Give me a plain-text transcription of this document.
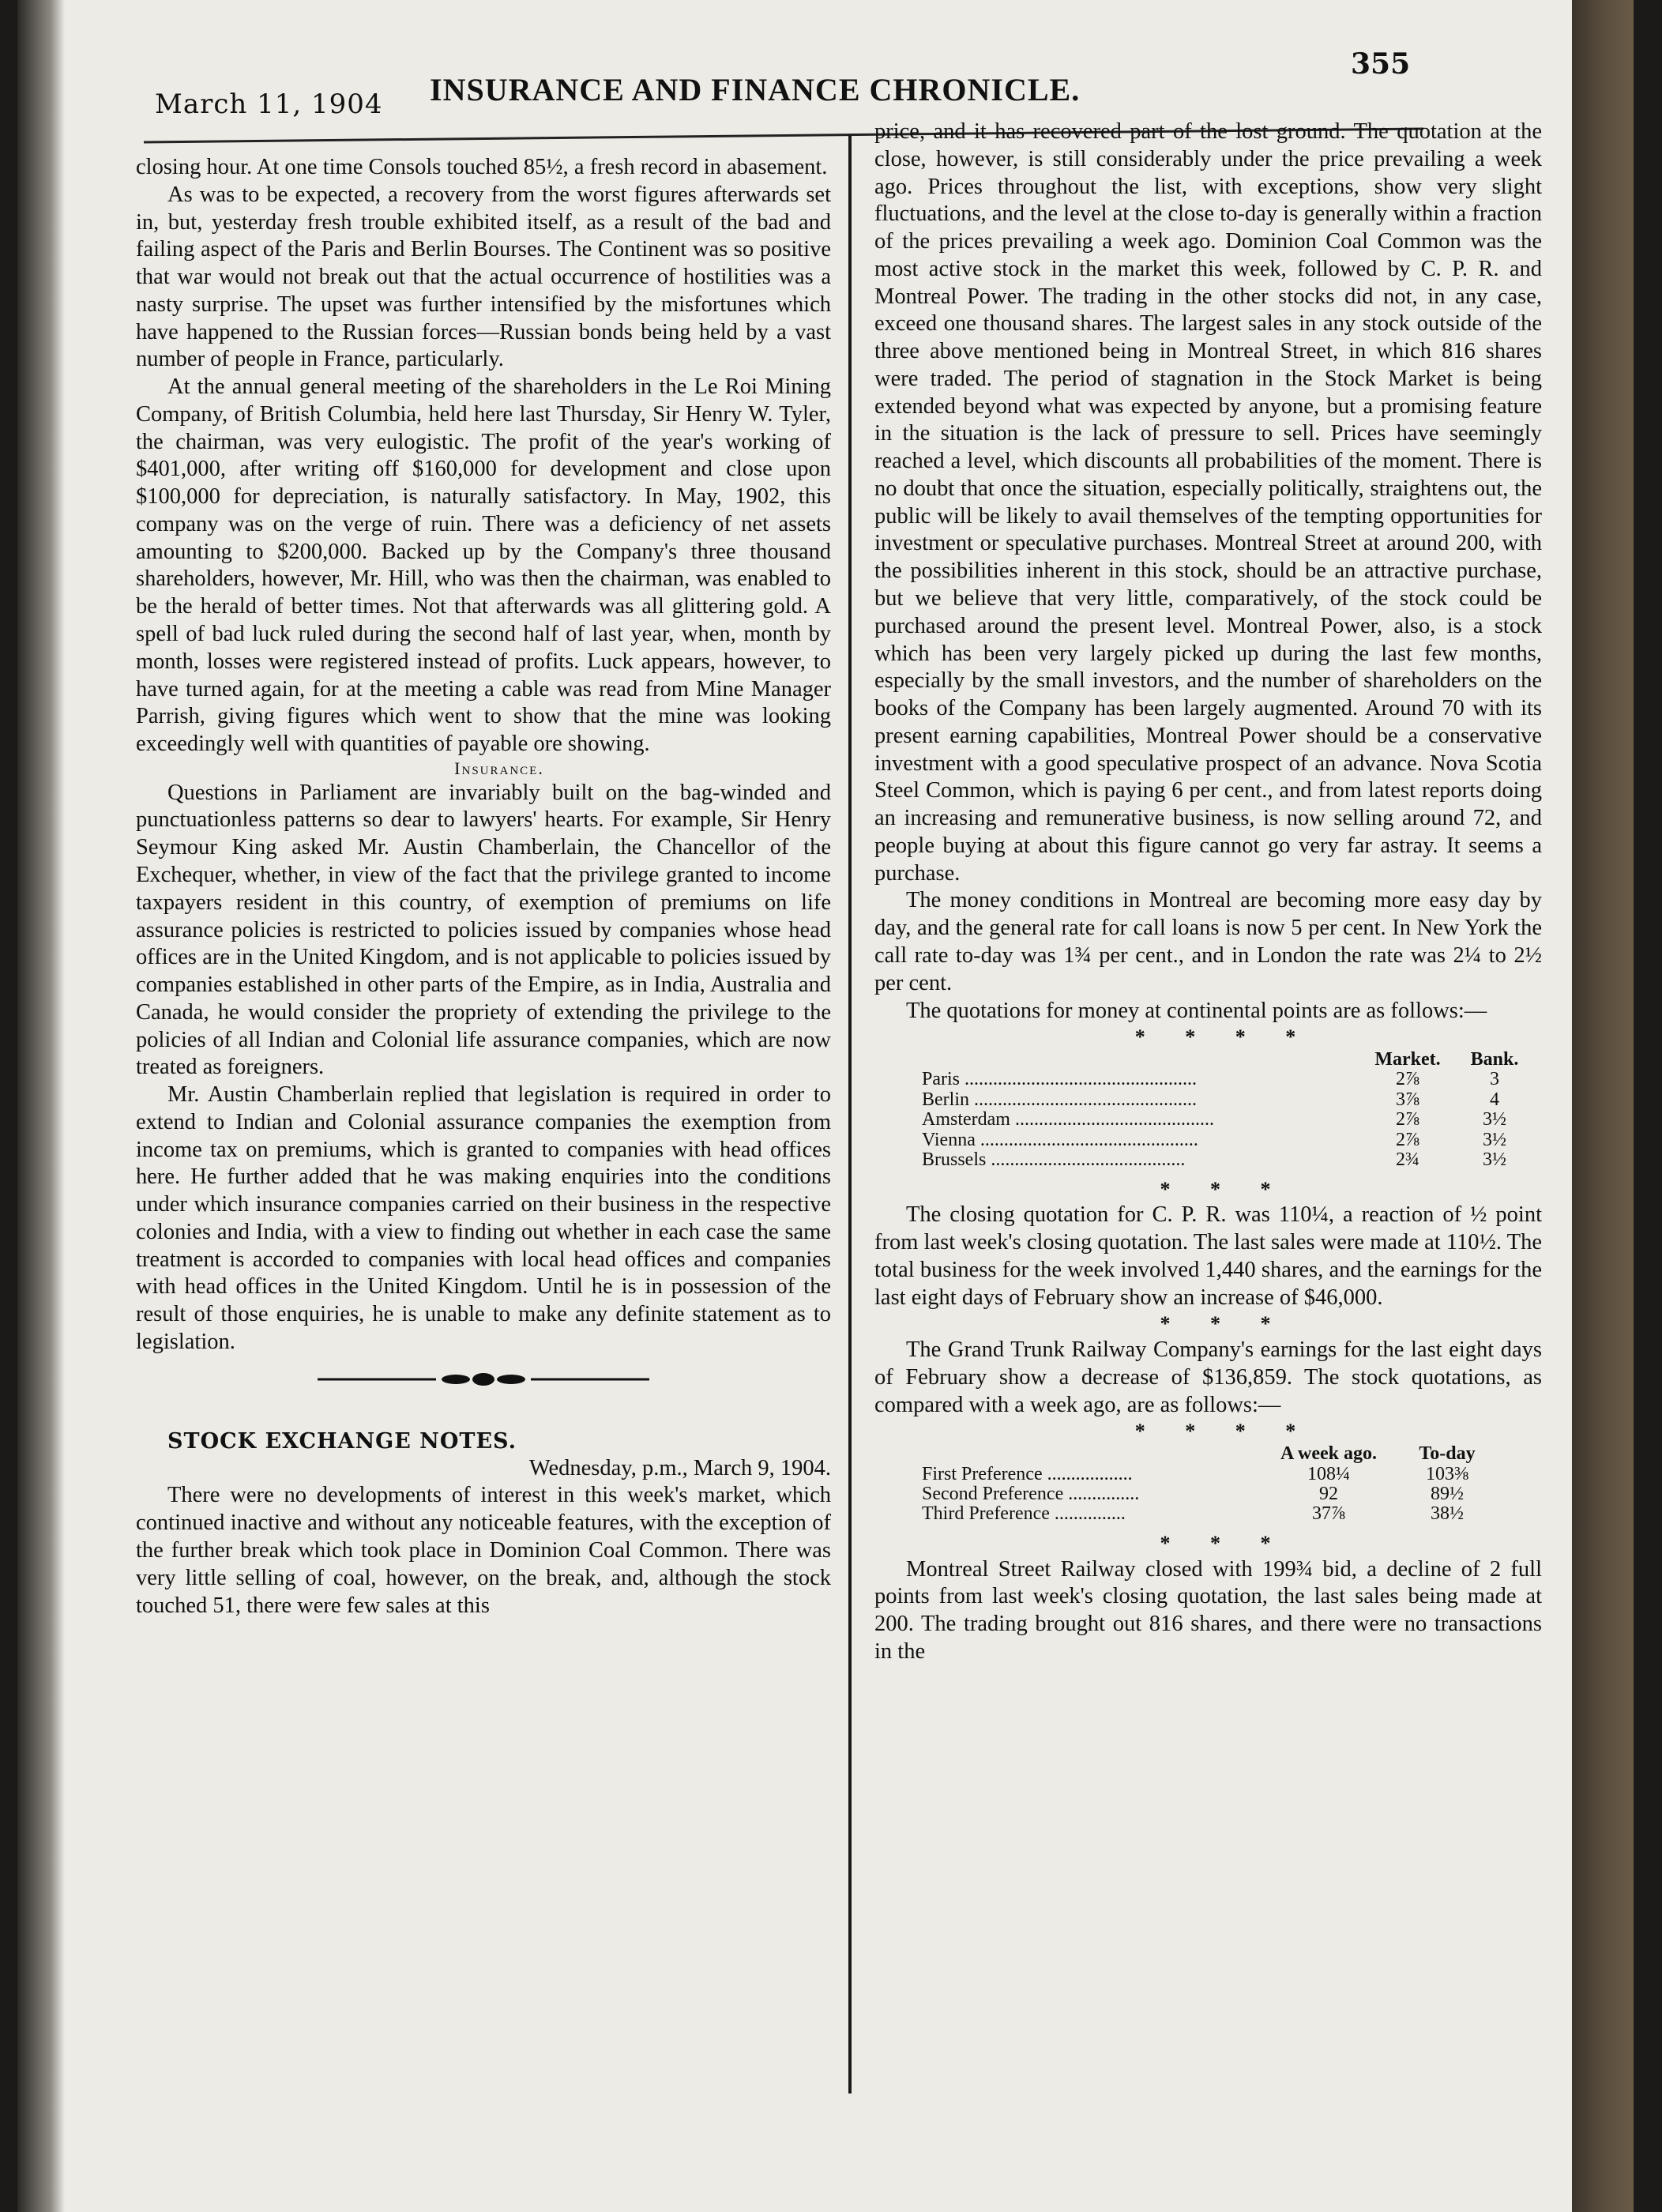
March 11, 1904 INSURANCE AND FINANCE CHRONICLE.
355

closing hour. At one time Consols touched 85½, a fresh record in abasement.

As was to be expected, a recovery from the worst figures afterwards set in, but, yesterday fresh trouble exhibited itself, as a result of the bad and failing aspect of the Paris and Berlin Bourses. The Continent was so positive that war would not break out that the actual occurrence of hostilities was a nasty surprise. The upset was further intensified by the misfortunes which have happened to the Russian forces—Russian bonds being held by a vast number of people in France, particularly.

At the annual general meeting of the shareholders in the Le Roi Mining Company, of British Columbia, held here last Thursday, Sir Henry W. Tyler, the chairman, was very eulogistic. The profit of the year's working of $401,000, after writing off $160,000 for development and close upon $100,000 for depreciation, is naturally satisfactory. In May, 1902, this company was on the verge of ruin. There was a deficiency of net assets amounting to $200,000. Backed up by the Company's three thousand shareholders, however, Mr. Hill, who was then the chairman, was enabled to be the herald of better times. Not that afterwards was all glittering gold. A spell of bad luck ruled during the second half of last year, when, month by month, losses were registered instead of profits. Luck appears, however, to have turned again, for at the meeting a cable was read from Mine Manager Parrish, giving figures which went to show that the mine was looking exceedingly well with quantities of payable ore showing.

Insurance.

Questions in Parliament are invariably built on the bag-winded and punctuationless patterns so dear to lawyers' hearts. For example, Sir Henry Seymour King asked Mr. Austin Chamberlain, the Chancellor of the Exchequer, whether, in view of the fact that the privilege granted to income taxpayers resident in this country, of exemption of premiums on life assurance policies is restricted to policies issued by companies whose head offices are in the United Kingdom, and is not applicable to policies issued by companies established in other parts of the Empire, as in India, Australia and Canada, he would consider the propriety of extending the privilege to the policies of all Indian and Colonial life assurance companies, which are now treated as foreigners.

Mr. Austin Chamberlain replied that legislation is required in order to extend to Indian and Colonial assurance companies the exemption from income tax on premiums, which is granted to companies with head offices here. He further added that he was making enquiries into the conditions under which insurance companies carried on their business in the respective colonies and India, with a view to finding out whether in each case the same treatment is accorded to companies with local head offices and companies with head offices in the United Kingdom. Until he is in possession of the result of those enquiries, he is unable to make any definite statement as to legislation.

STOCK EXCHANGE NOTES.

Wednesday, p.m., March 9, 1904.

There were no developments of interest in this week's market, which continued inactive and without any noticeable features, with the exception of the further break which took place in Dominion Coal Common. There was very little selling of coal, however, on the break, and, although the stock touched 51, there were few sales at this

price, and it has recovered part of the lost ground. The quotation at the close, however, is still considerably under the price prevailing a week ago. Prices throughout the list, with exceptions, show very slight fluctuations, and the level at the close to-day is generally within a fraction of the prices prevailing a week ago. Dominion Coal Common was the most active stock in the market this week, followed by C. P. R. and Montreal Power. The trading in the other stocks did not, in any case, exceed one thousand shares. The largest sales in any stock outside of the three above mentioned being in Montreal Street, in which 816 shares were traded. The period of stagnation in the Stock Market is being extended beyond what was expected by anyone, but a promising feature in the situation is the lack of pressure to sell. Prices have seemingly reached a level, which discounts all probabilities of the moment. There is no doubt that once the situation, especially politically, straightens out, the public will be likely to avail themselves of the tempting opportunities for investment or speculative purchases. Montreal Street at around 200, with the possibilities inherent in this stock, should be an attractive purchase, but we believe that very little, comparatively, of the stock could be purchased around the present level. Montreal Power, also, is a stock which has been very largely picked up during the last few months, especially by the small investors, and the number of shareholders on the books of the Company has been largely augmented. Around 70 with its present earning capabilities, Montreal Power should be a conservative investment with a good speculative prospect of an advance. Nova Scotia Steel Common, which is paying 6 per cent., and from latest reports doing an increasing and remunerative business, is now selling around 72, and people buying at about this figure cannot go very far astray. It seems a purchase.

The money conditions in Montreal are becoming more easy day by day, and the general rate for call loans is now 5 per cent. In New York the call rate to-day was 1¾ per cent., and in London the rate was 2¼ to 2½ per cent.

The quotations for money at continental points are as follows:—

* * * *

Market.	Bank.
Paris .................................................	2⅞	3
Berlin ...............................................	3⅞	4
Amsterdam ..........................................	2⅞	3½
Vienna ..............................................	2⅞	3½
Brussels .........................................	2¾	3½

* * *

The closing quotation for C. P. R. was 110¼, a reaction of ½ point from last week's closing quotation. The last sales were made at 110½. The total business for the week involved 1,440 shares, and the earnings for the last eight days of February show an increase of $46,000.

* * *

The Grand Trunk Railway Company's earnings for the last eight days of February show a decrease of $136,859. The stock quotations, as compared with a week ago, are as follows:—

* * * *

A week ago.	To-day
First Preference ..................	108¼	103⅜
Second Preference ...............	92	89½
Third Preference ...............	37⅞	38½

* * *

Montreal Street Railway closed with 199¾ bid, a decline of 2 full points from last week's closing quotation, the last sales being made at 200. The trading brought out 816 shares, and there were no transactions in the
